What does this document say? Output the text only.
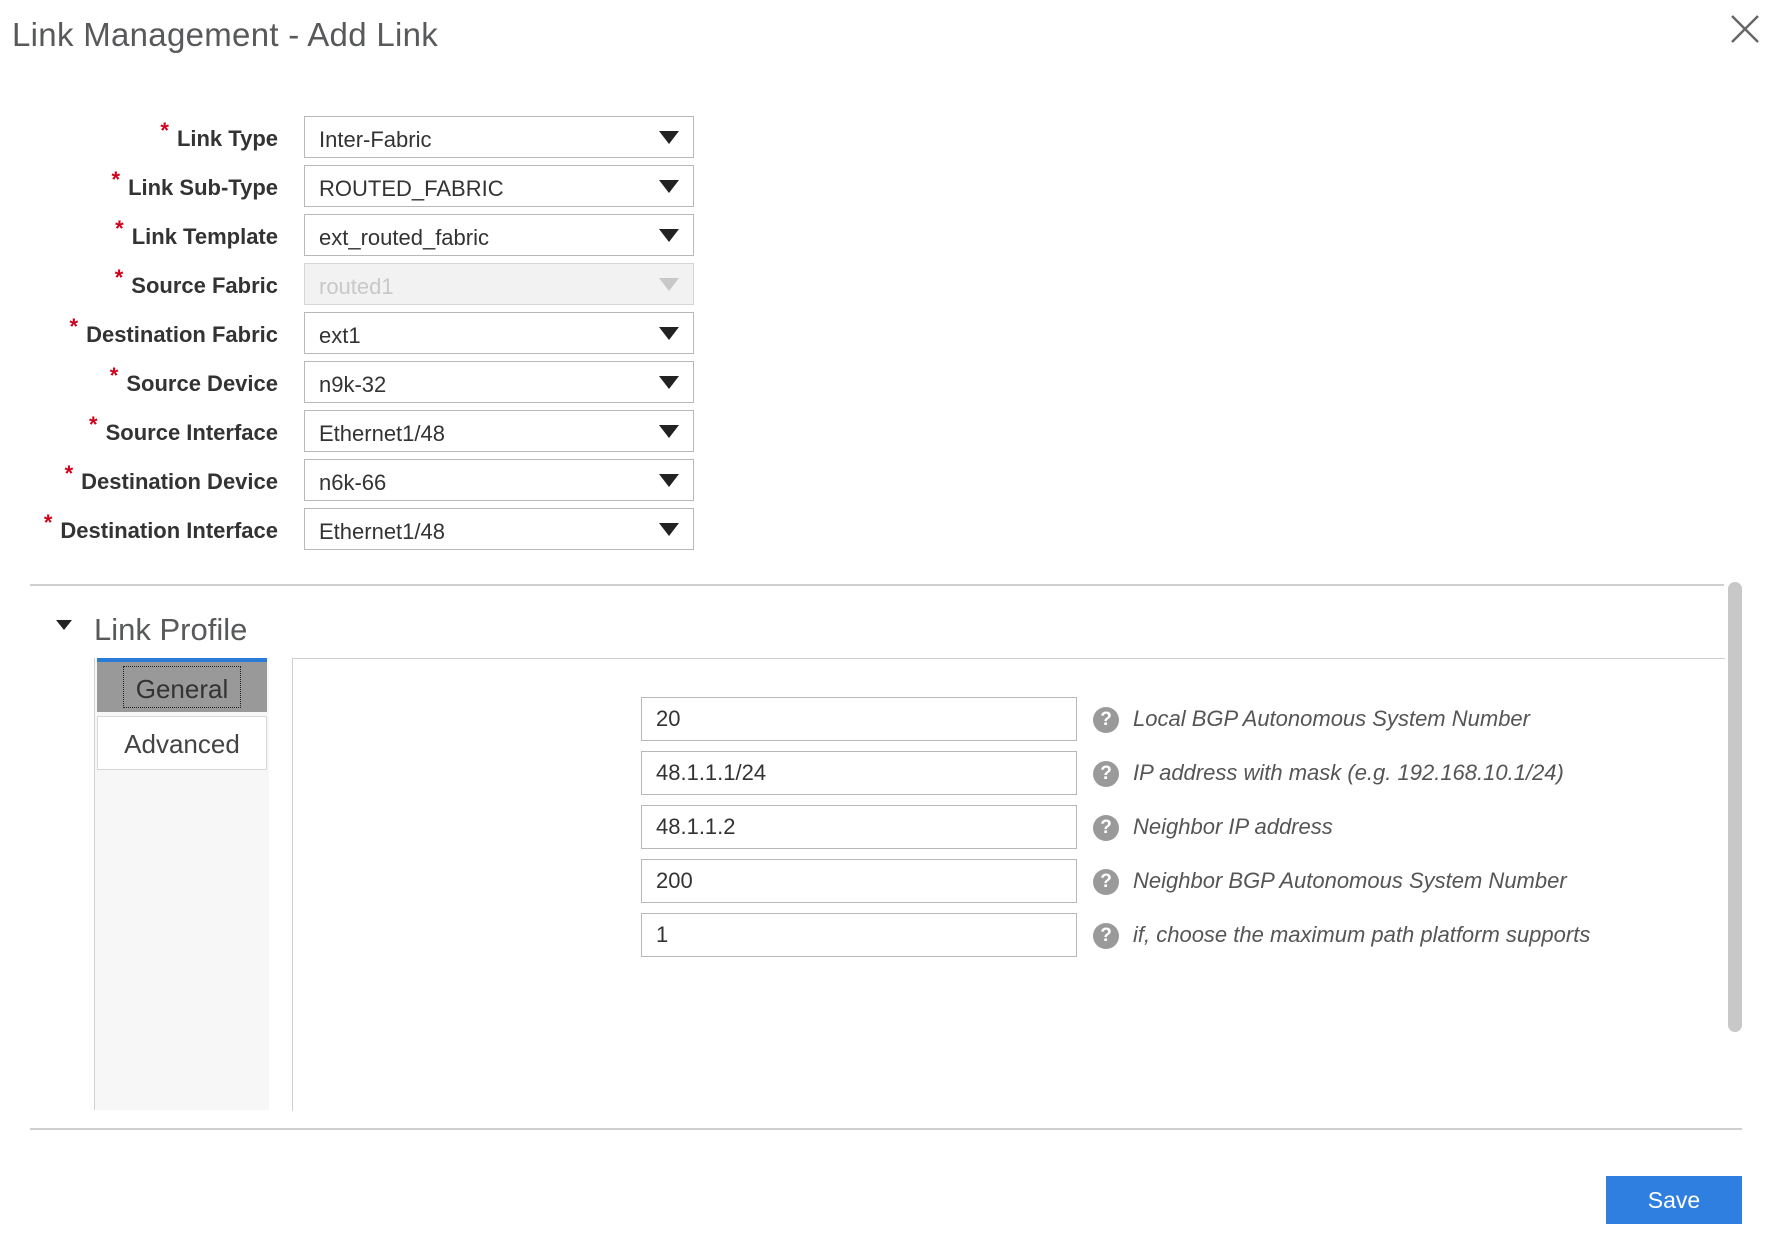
Link Management - Add Link
* Link Type Inter-Fabric
* Link Sub-Type ROUTED_FABRIC
* Link Template ext_routed_fabric
* Source Fabric routed1
* Destination Fabric ext1
* Source Device n9k-32
* Source Interface Ethernet1/48
* Destination Device n6k-66
* Destination Interface Ethernet1/48
Link Profile
General
Advanced
20
? Local BGP Autonomous System Number
48.1.1.1/24
? IP address with mask (e.g. 192.168.10.1/24)
48.1.1.2
? Neighbor IP address
200
? Neighbor BGP Autonomous System Number
1
? if, choose the maximum path platform supports
Save
